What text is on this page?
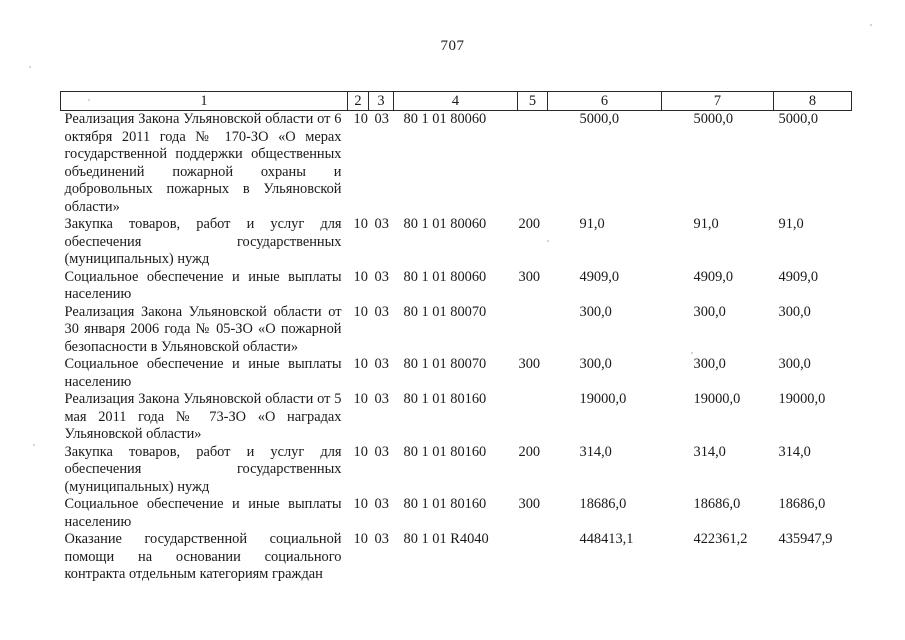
707
1	2	3	4	5	6	7	8
Реализация Закона Ульяновской области от 6 октября 2011 года № 170-ЗО «О мерах государственной поддержки общественных объединений пожарной охраны и добровольных пожарных в Ульяновской области»	10	03	80 1 01 80060		5000,0	5000,0	5000,0
Закупка товаров, работ и услуг для обеспечения государственных (муниципальных) нужд	10	03	80 1 01 80060	200	91,0	91,0	91,0
Социальное обеспечение и иные выплаты населению	10	03	80 1 01 80060	300	4909,0	4909,0	4909,0
Реализация Закона Ульяновской области от 30 января 2006 года № 05-ЗО «О пожарной безопасности в Ульяновской области»	10	03	80 1 01 80070		300,0	300,0	300,0
Социальное обеспечение и иные выплаты населению	10	03	80 1 01 80070	300	300,0	300,0	300,0
Реализация Закона Ульяновской области от 5 мая 2011 года № 73-ЗО «О наградах Ульяновской области»	10	03	80 1 01 80160		19000,0	19000,0	19000,0
Закупка товаров, работ и услуг для обеспечения государственных (муниципальных) нужд	10	03	80 1 01 80160	200	314,0	314,0	314,0
Социальное обеспечение и иные выплаты населению	10	03	80 1 01 80160	300	18686,0	18686,0	18686,0
Оказание государственной социальной помощи на основании социального контракта отдельным категориям граждан	10	03	80 1 01 R4040		448413,1	422361,2	435947,9
